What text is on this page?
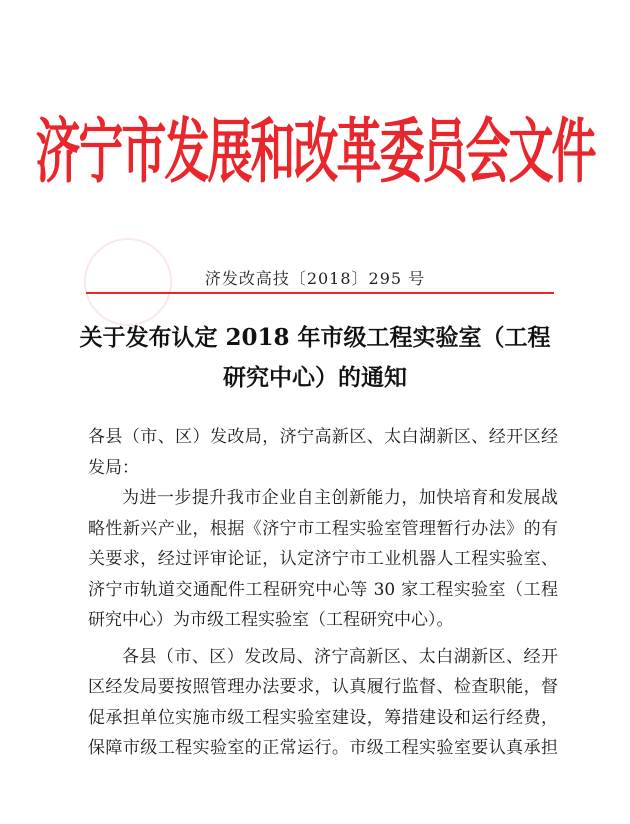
济宁市发展和改革委员会文件
济发改高技〔2018〕295 号
关于发布认定 2018 年市级工程实验室（工程
研究中心）的通知

各县（市、区）发改局，济宁高新区、太白湖新区、经开区经
发局：

为进一步提升我市企业自主创新能力，加快培育和发展战
略性新兴产业，根据《济宁市工程实验室管理暂行办法》的有
关要求，经过评审论证，认定济宁市工业机器人工程实验室、
济宁市轨道交通配件工程研究中心等 30 家工程实验室（工程
研究中心）为市级工程实验室（工程研究中心）。

各县（市、区）发改局、济宁高新区、太白湖新区、经开
区经发局要按照管理办法要求，认真履行监督、检查职能，督
促承担单位实施市级工程实验室建设，筹措建设和运行经费，
保障市级工程实验室的正常运行。市级工程实验室要认真承担
